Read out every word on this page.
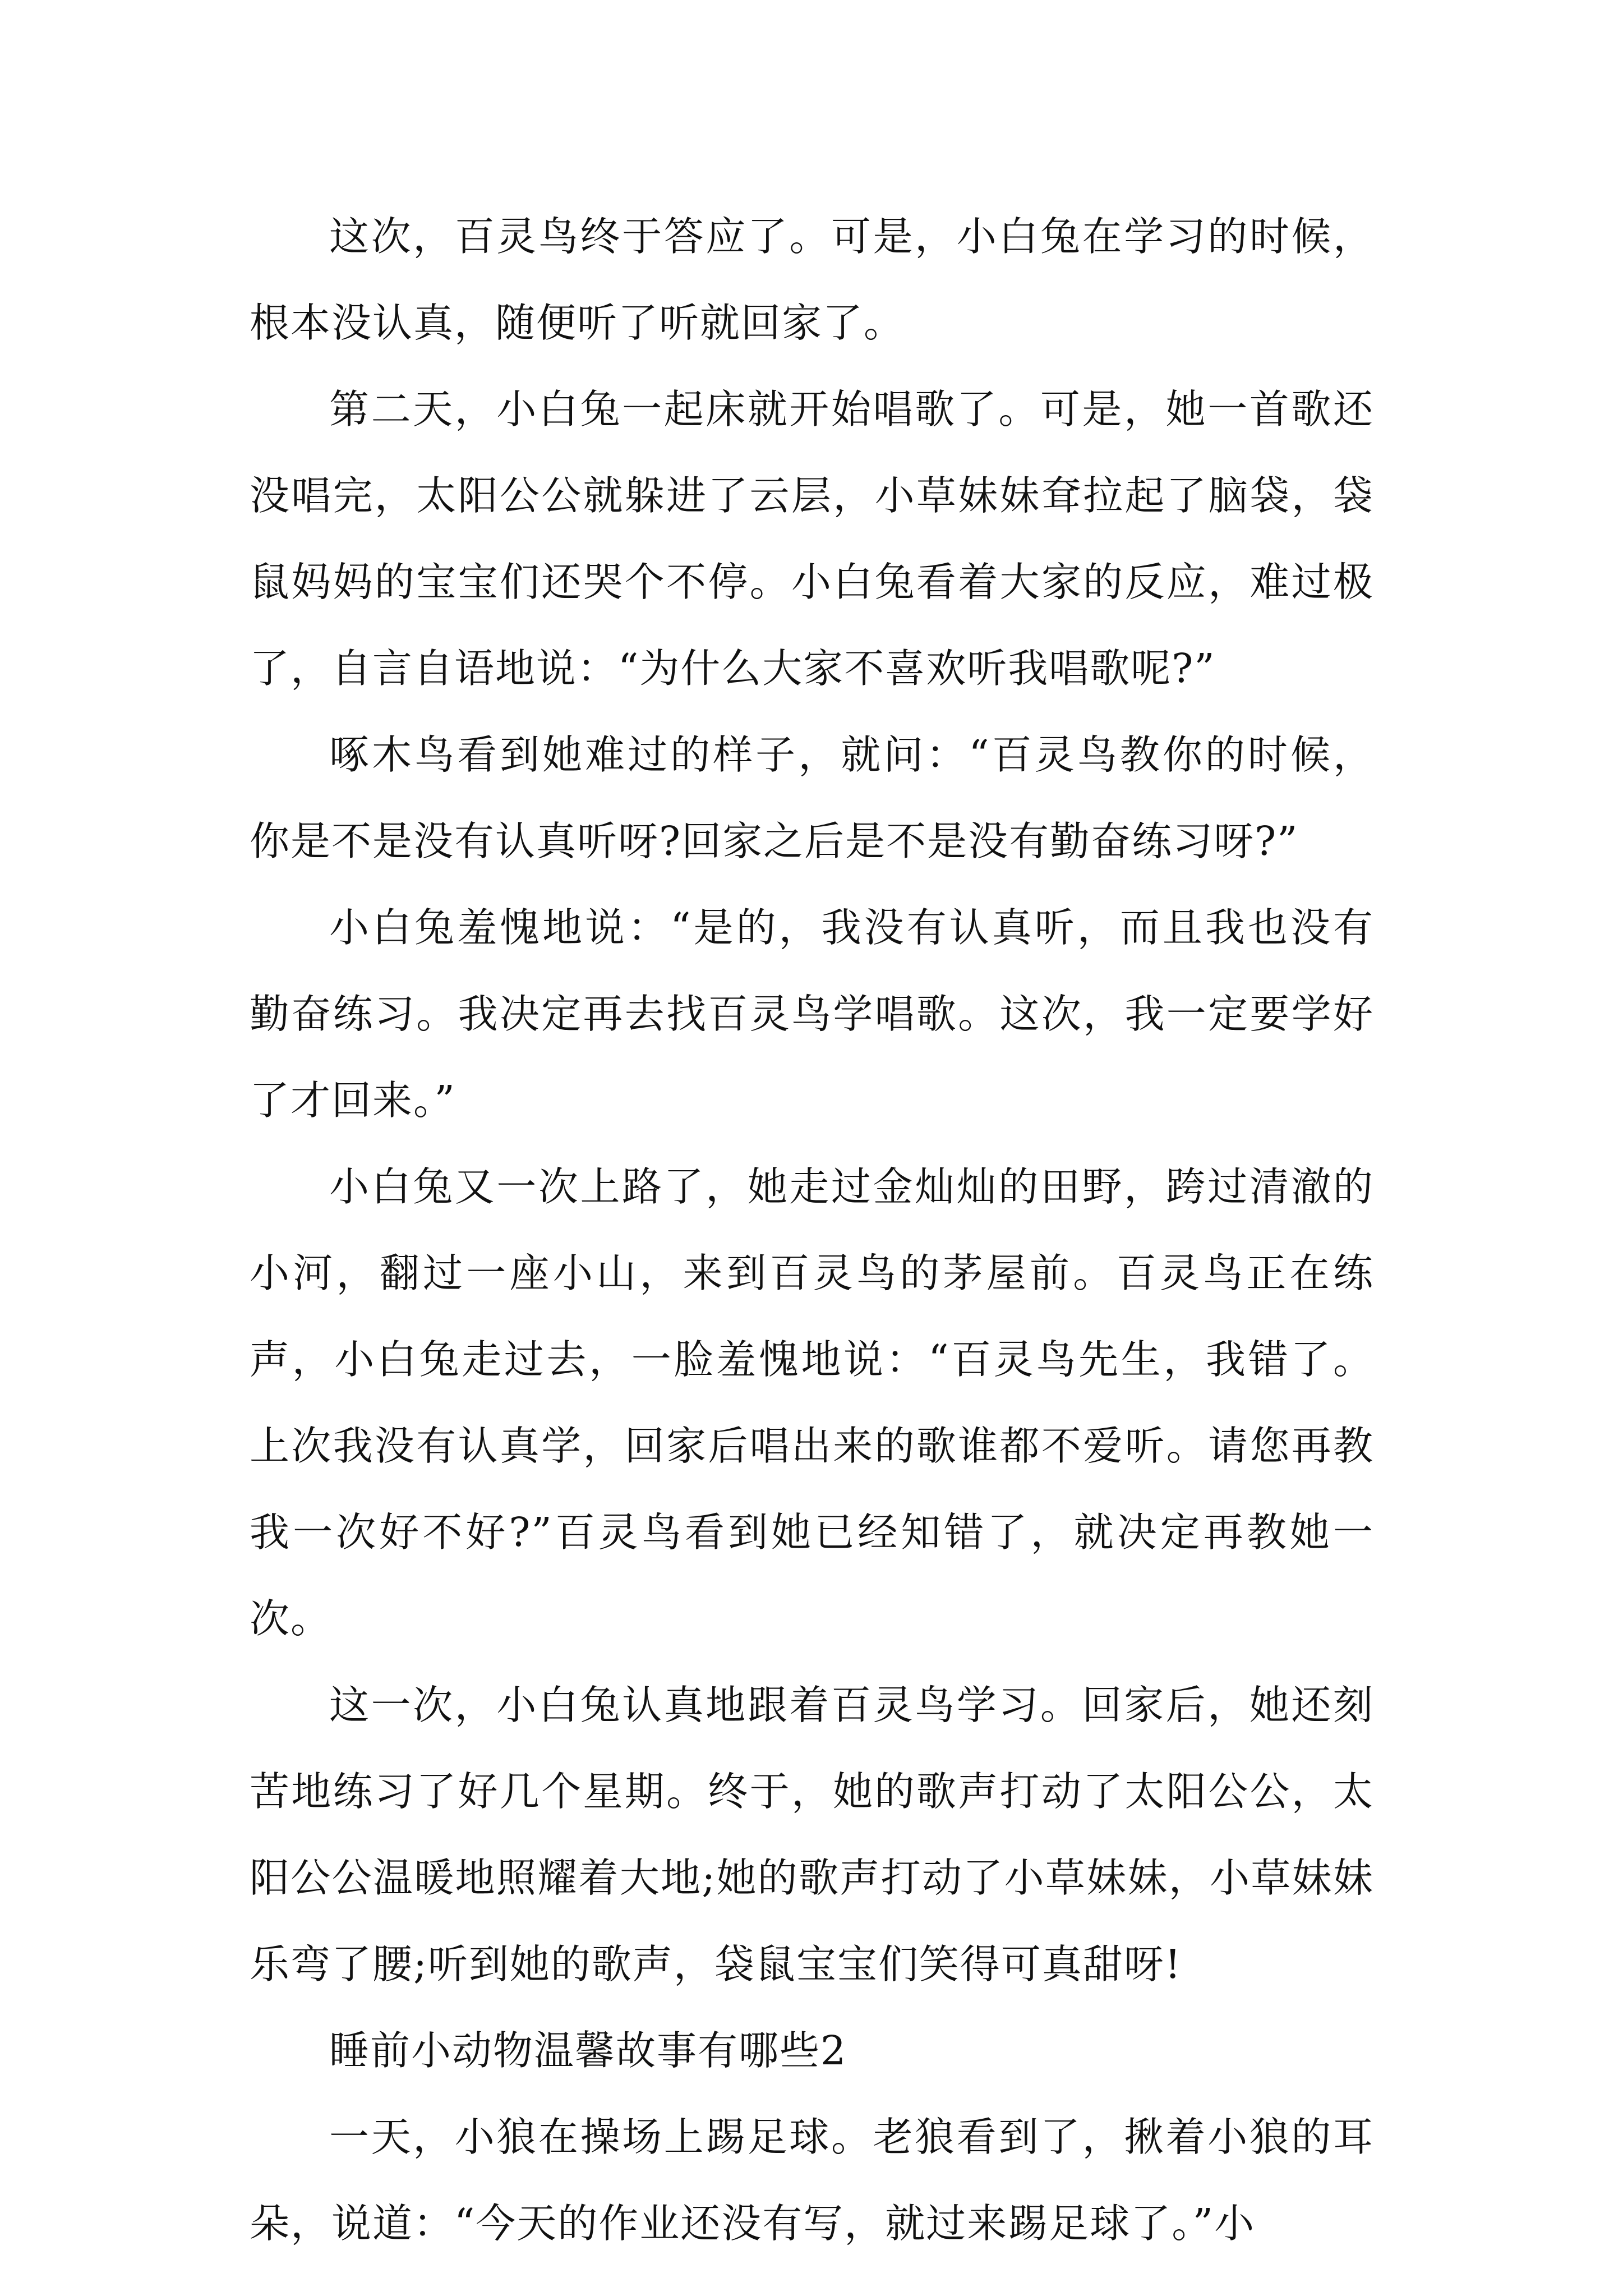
这次，百灵鸟终于答应了。可是，小白兔在学习的时候，根本没认真，随便听了听就回家了。

第二天，小白兔一起床就开始唱歌了。可是，她一首歌还没唱完，太阳公公就躲进了云层，小草妹妹耷拉起了脑袋，袋鼠妈妈的宝宝们还哭个不停。小白兔看着大家的反应，难过极了，自言自语地说：“为什么大家不喜欢听我唱歌呢?”

啄木鸟看到她难过的样子，就问：“百灵鸟教你的时候，你是不是没有认真听呀?回家之后是不是没有勤奋练习呀?”

小白兔羞愧地说：“是的，我没有认真听，而且我也没有勤奋练习。我决定再去找百灵鸟学唱歌。这次，我一定要学好了才回来。”

小白兔又一次上路了，她走过金灿灿的田野，跨过清澈的小河，翻过一座小山，来到百灵鸟的茅屋前。百灵鸟正在练声，小白兔走过去，一脸羞愧地说：“百灵鸟先生，我错了。上次我没有认真学，回家后唱出来的歌谁都不爱听。请您再教我一次好不好?”百灵鸟看到她已经知错了，就决定再教她一次。

这一次，小白兔认真地跟着百灵鸟学习。回家后，她还刻苦地练习了好几个星期。终于，她的歌声打动了太阳公公，太阳公公温暖地照耀着大地;她的歌声打动了小草妹妹，小草妹妹乐弯了腰;听到她的歌声，袋鼠宝宝们笑得可真甜呀!

睡前小动物温馨故事有哪些2

一天，小狼在操场上踢足球。老狼看到了，揪着小狼的耳朵，说道：“今天的作业还没有写，就过来踢足球了。”小
